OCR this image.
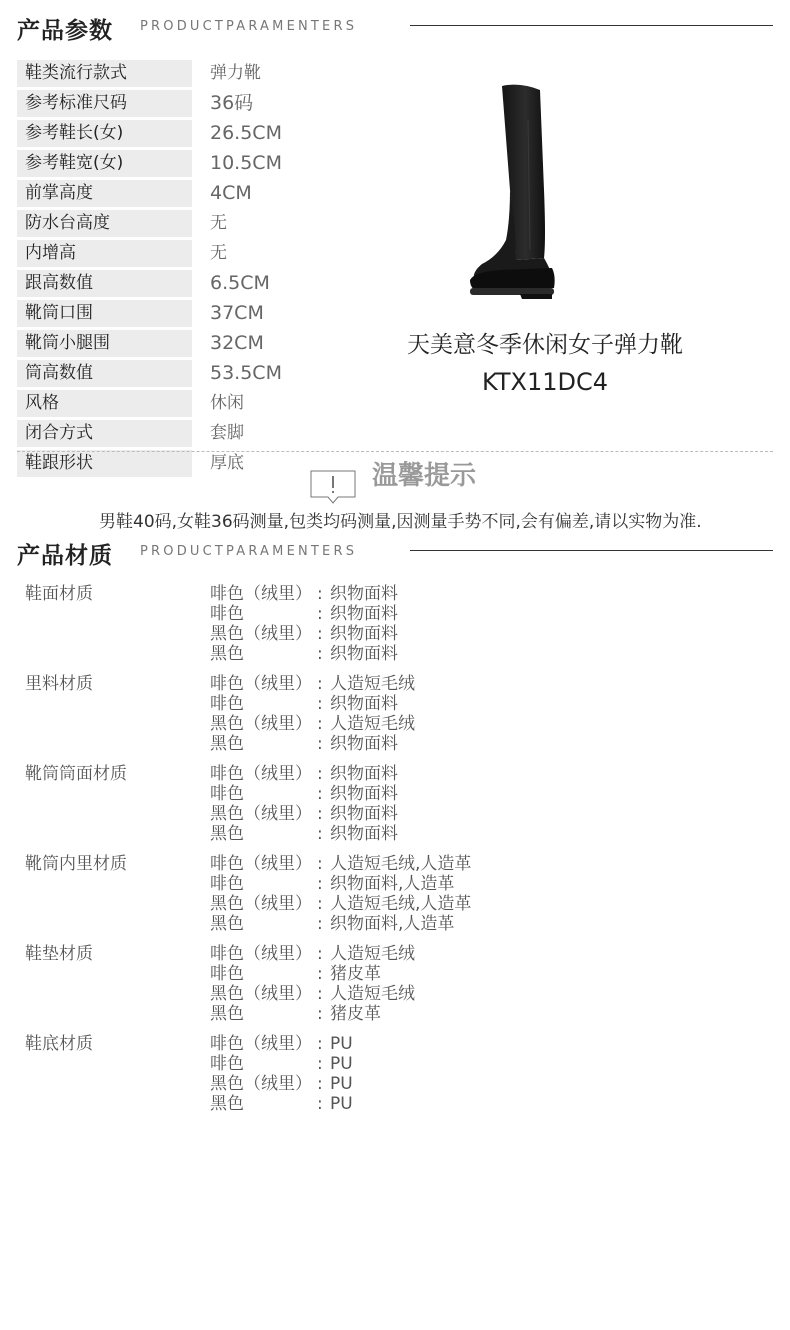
产品参数 PRODUCTPARAMENTERS
鞋类流行款式	弹力靴
参考标准尺码	36码
参考鞋长(女)	26.5CM
参考鞋宽(女)	10.5CM
前掌高度	4CM
防水台高度	无
内增高	无
跟高数值	6.5CM
靴筒口围	37CM
靴筒小腿围	32CM
筒高数值	53.5CM
风格	休闲
闭合方式	套脚
鞋跟形状	厚底
天美意冬季休闲女子弹力靴
KTX11DC4
温馨提示
男鞋40码,女鞋36码测量,包类均码测量,因测量手势不同,会有偏差,请以实物为准.
产品材质 PRODUCTPARAMENTERS
鞋面材质	啡色（绒里） : 织物面料
啡色	: 织物面料
黑色（绒里） : 织物面料
黑色	: 织物面料
里料材质	啡色（绒里） : 人造短毛绒
啡色	: 织物面料
黑色（绒里） : 人造短毛绒
黑色	: 织物面料
靴筒筒面材质	啡色（绒里） : 织物面料
啡色	: 织物面料
黑色（绒里） : 织物面料
黑色	: 织物面料
靴筒内里材质	啡色（绒里） : 人造短毛绒,人造革
啡色	: 织物面料,人造革
黑色（绒里） : 人造短毛绒,人造革
黑色	: 织物面料,人造革
鞋垫材质	啡色（绒里） : 人造短毛绒
啡色	: 猪皮革
黑色（绒里） : 人造短毛绒
黑色	: 猪皮革
鞋底材质	啡色（绒里） : PU
啡色	: PU
黑色（绒里） : PU
黑色	: PU
